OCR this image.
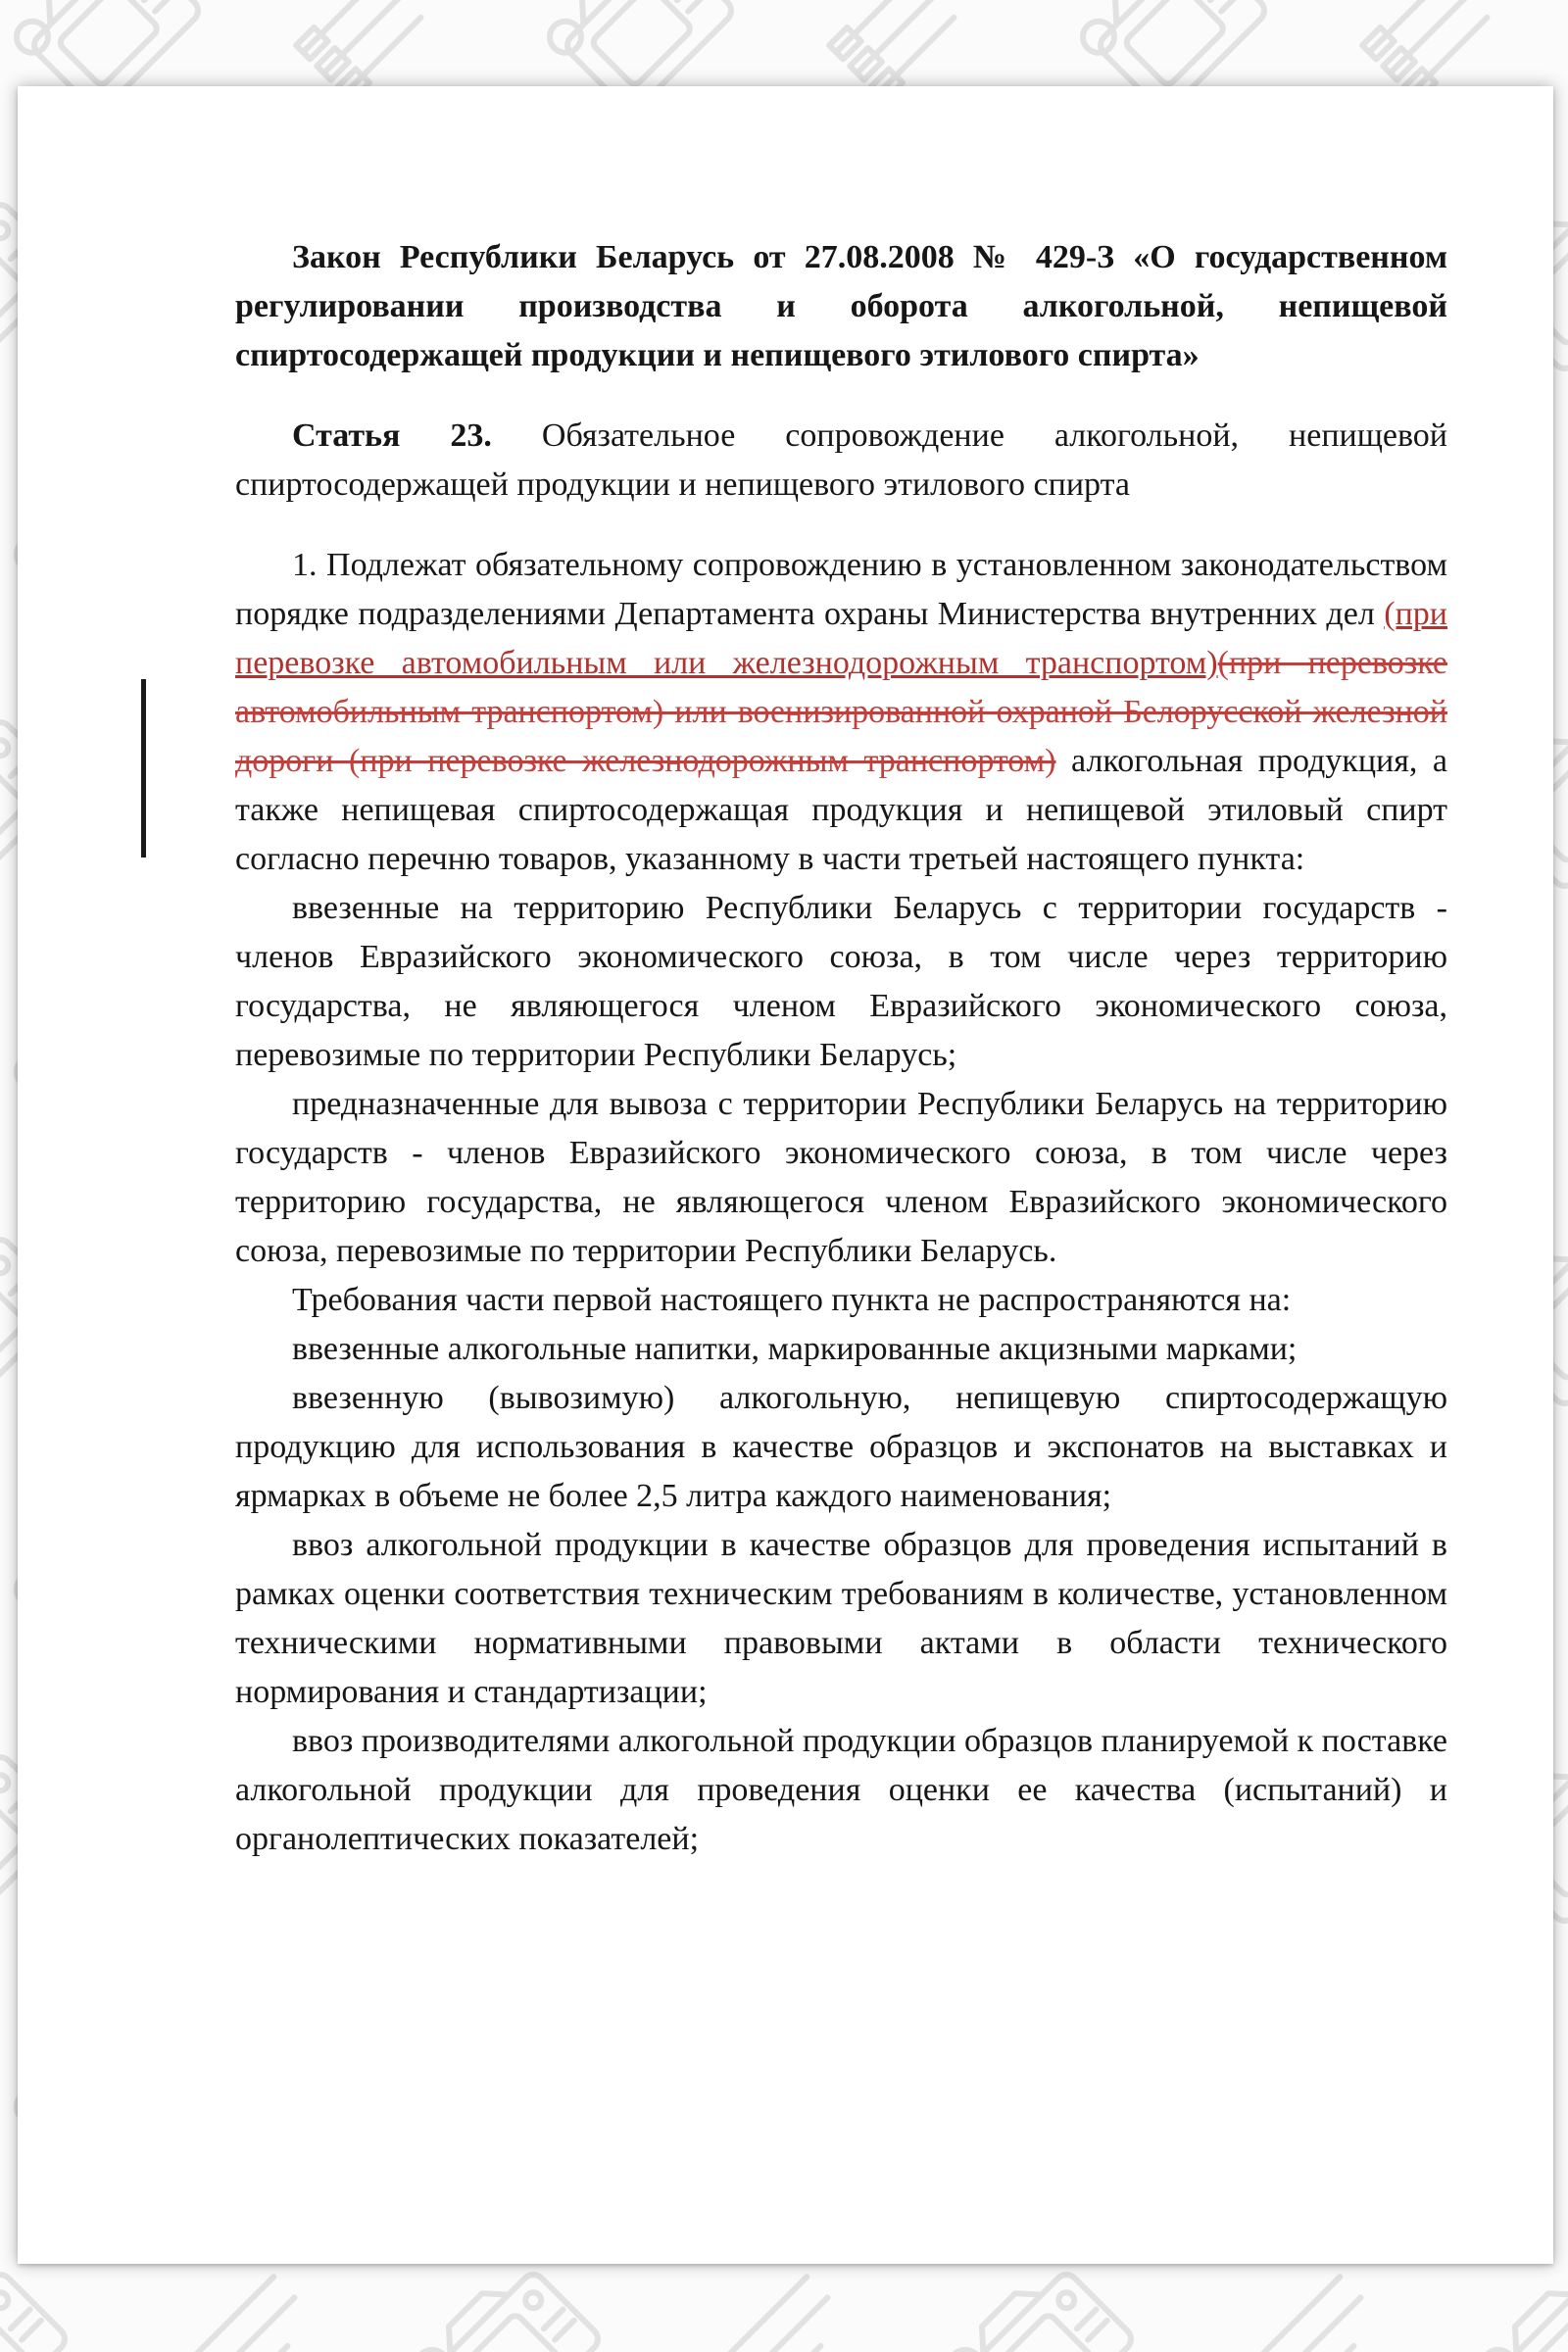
Закон Республики Беларусь от 27.08.2008 № 429-З «О государственном регулировании производства и оборота алкогольной, непищевой спиртосодержащей продукции и непищевого этилового спирта»

Статья 23. Обязательное сопровождение алкогольной, непищевой спиртосодержащей продукции и непищевого этилового спирта

1. Подлежат обязательному сопровождению в установленном законодательством порядке подразделениями Департамента охраны Министерства внутренних дел (при перевозке автомобильным или железнодорожным транспортом)(при перевозке автомобильным транспортом) или военизированной охраной Белорусской железной дороги (при перевозке железнодорожным транспортом) алкогольная продукция, а также непищевая спиртосодержащая продукция и непищевой этиловый спирт согласно перечню товаров, указанному в части третьей настоящего пункта:

ввезенные на территорию Республики Беларусь с территории государств - членов Евразийского экономического союза, в том числе через территорию государства, не являющегося членом Евразийского экономического союза, перевозимые по территории Республики Беларусь;

предназначенные для вывоза с территории Республики Беларусь на территорию государств - членов Евразийского экономического союза, в том числе через территорию государства, не являющегося членом Евразийского экономического союза, перевозимые по территории Республики Беларусь.

Требования части первой настоящего пункта не распространяются на:

ввезенные алкогольные напитки, маркированные акцизными марками;

ввезенную (вывозимую) алкогольную, непищевую спиртосодержащую продукцию для использования в качестве образцов и экспонатов на выставках и ярмарках в объеме не более 2,5 литра каждого наименования;

ввоз алкогольной продукции в качестве образцов для проведения испытаний в рамках оценки соответствия техническим требованиям в количестве, установленном техническими нормативными правовыми актами в области технического нормирования и стандартизации;

ввоз производителями алкогольной продукции образцов планируемой к поставке алкогольной продукции для проведения оценки ее качества (испытаний) и органолептических показателей;
